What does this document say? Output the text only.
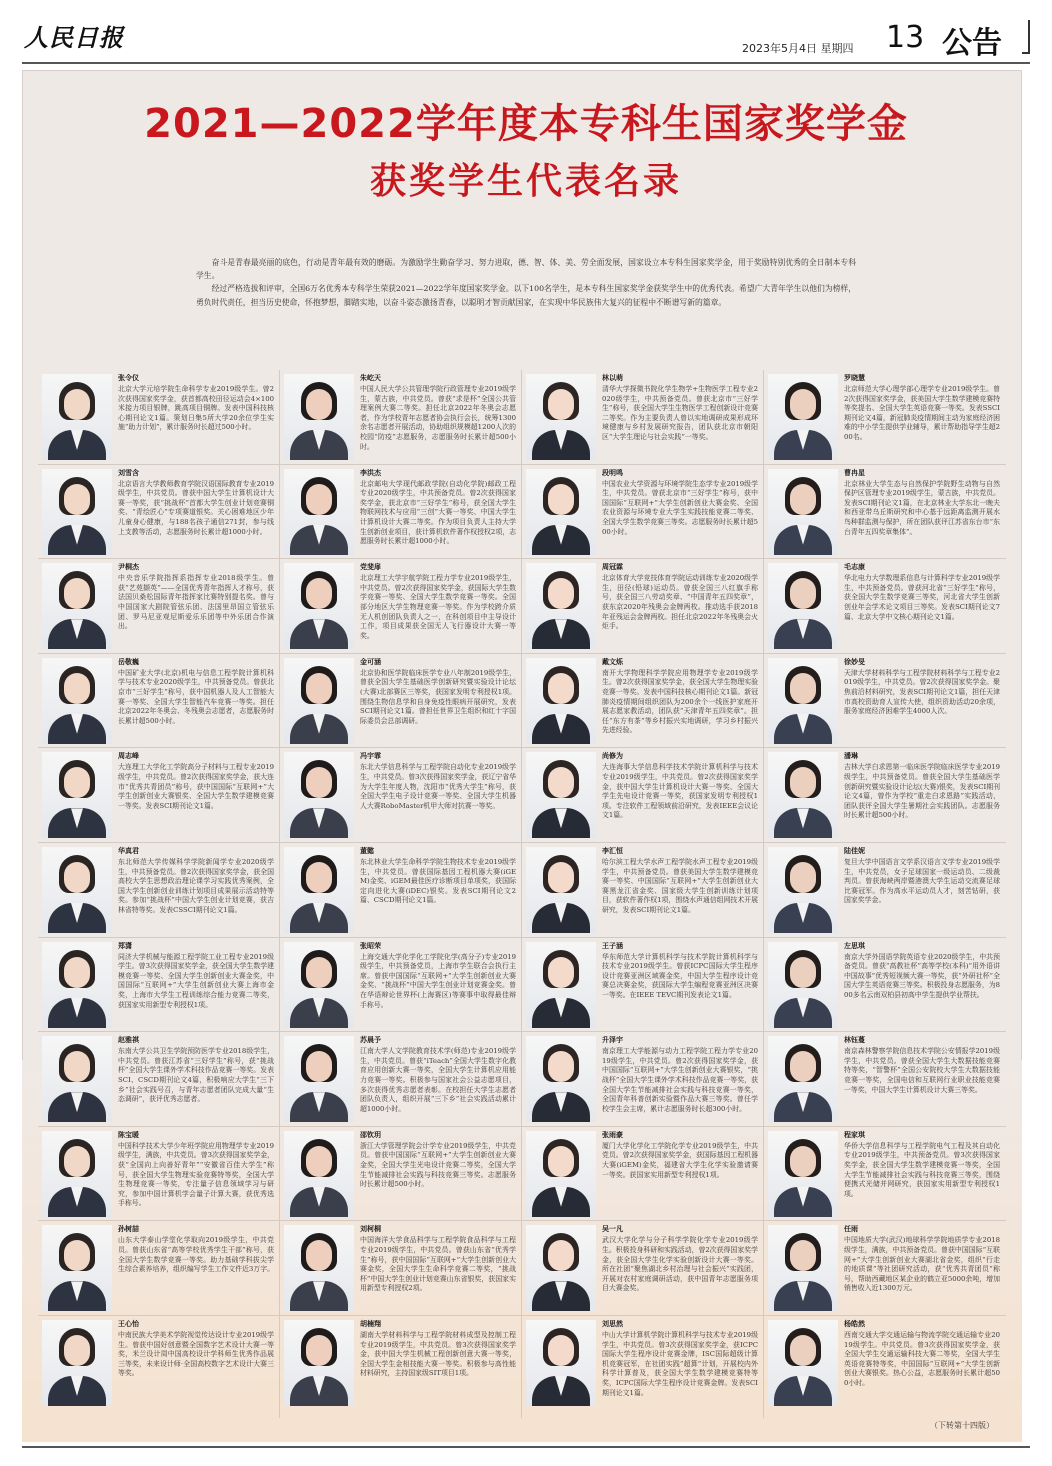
人民日报	2023年5月4日 星期四 13 公告
2021—2022学年度本专科生国家奖学金
获奖学生代表名录

奋斗是青春最亮丽的底色，行动是青年最有效的磨砺。为激励学生勤奋学习、努力进取，德、智、体、美、劳全面发展，国家设立本专科生国家奖学金，用于奖励特别优秀的全日制本专科学生。

经过严格选拔和评审，全国6万名优秀本专科学生荣获2021—2022学年度国家奖学金。以下100名学生，是本专科生国家奖学金获奖学生中的优秀代表。希望广大青年学生以他们为榜样，勇负时代责任，担当历史使命，怀抱梦想，脚踏实地，以奋斗姿态激扬青春，以聪明才智贡献国家，在实现中华民族伟大复兴的征程中不断谱写新的篇章。

张令仪
北京大学元培学院生命科学专业2019级学生。曾2次获得国家奖学金，获首都高校田径运动会4×100米接力项目银牌，跳高项目铜牌。发表中国科技核心期刊论文1篇。策划日集5所大学20余位学生实施“助力计划”，累计服务时长超过500小时。
朱屹天
中国人民大学公共管理学院行政管理专业2019级学生，蒙古族，中共党员。曾获“求是杯”全国公共管理案例大赛二等奖。担任北京2022年冬奥会志愿者，作为学校青年志愿者协会执行会长，统筹1300余名志愿者开展活动，协助组织规模超1200人次的校园“防疫”志愿服务，志愿服务时长累计超500小时。
林以萌
清华大学探微书院化学生物学+生物医学工程专业2020级学生，中共预备党员。曾获北京市“三好学生”称号，获全国大学生生物医学工程创新设计竞赛二等奖。作为主要负责人曾以实地调研成果形成环境健康与乡村发展研究报告，团队获北京市朝阳区“大学生理论与社会实践”一等奖。
罗晓慧
北京师范大学心理学部心理学专业2019级学生。曾2次获得国家奖学金，获美国大学生数学建模竞赛特等奖提名、全国大学生英语竞赛一等奖。发表SSCI期刊论文4篇，新冠肺炎疫情期间主动为家庭经济困难的中小学生提供学业辅导，累计帮助指导学生超200名。
刘雪含
北京语言大学教师教育学院汉语国际教育专业2019级学生，中共党员。曾获中国大学生计算机设计大赛一等奖，获“挑战杯”首都大学生创业计划竞赛铜奖、“青绘匠心”专项赛道银奖。关心困难地区少年儿童身心健康，与188名孩子通信271封，参与线上支教等活动，志愿服务时长累计超1000小时。
李洪杰
北京邮电大学现代邮政学院(自动化学院)邮政工程专业2020级学生，中共预备党员。曾2次获得国家奖学金，获北京市“三好学生”称号，获全国大学生物联网技术与应用“三创”大赛一等奖、中国大学生计算机设计大赛二等奖。作为项目负责人主持大学生创新创业项目，获计算机软件著作权授权2项，志愿服务时长累计超1000小时。
段明鸣
中国农业大学资源与环境学院生态学专业2019级学生，中共党员。曾获北京市“三好学生”称号，获中国国际“互联网+”大学生创新创业大赛金奖、全国农业资源与环境专业大学生实践技能竞赛二等奖、全国大学生数学竞赛三等奖。志愿服务时长累计超500小时。
曹冉星
北京林业大学生态与自然保护学院野生动物与自然保护区管理专业2019级学生，蒙古族，中共党员。发表SCI期刊论文1篇，在北京林业大学东北一晚夫和西亚带乌丘斯研究和中心基于远距离监测开展水鸟种群监测与保护，所在团队获评江苏省东台市“东台青年五四奖章集体”。
尹桐杰
中央音乐学院指挥系指挥专业2018级学生。曾获“艺苑撷英”——全国优秀青年指挥人才称号，获法国贝桑松国际青年指挥家比赛特别提名奖。曾与中国国家大剧院管弦乐团、法国里昂国立管弦乐团、罗马尼亚观尼斯爱乐乐团等中外乐团合作演出。
党斐扉
北京理工大学宇航学院工程力学专业2019级学生，中共党员。曾2次获得国家奖学金，获国际大学生数学竞赛一等奖、全国大学生数学竞赛一等奖。全国部分地区大学生物理竞赛一等奖。作为学校跨介质无人机创团队负责人之一，在科创项目中主导设计工作，项目成果获全国无人飞行器设计大赛一等奖。
周冠霖
北京体育大学竞技体育学院运动训练专业2020级学生，田径(铅球)运动员。曾获全国三八红旗手称号，获全国三八劳动奖章、“中国青年五四奖章”，获东京2020年残奥会金牌两枚。推动选手获2018年亚残运会金牌两枚。担任北京2022年冬残奥会火炬手。
毛志康
华北电力大学数理系信息与计算科学专业2019级学生，中共预备党员。曾获河北省“三好学生”称号，获全国大学生数学竞赛三等奖，河北省大学生创新创业年会学术论文项目三等奖。发表SCI期刊论文7篇、北京大学中文核心期刊论文1篇。
岳敬巍
中国矿业大学(北京)机电与信息工程学院计算机科学与技术专业2020级学生，中共预备党员。曾获北京市“三好学生”称号，获中国机器人及人工智能大赛一等奖、全国大学生智能汽车竞赛一等奖。担任北京2022年冬奥会、冬残奥会志愿者，志愿服务时长累计超500小时。
金可涵
北京协和医学院临床医学专业八年制2019级学生，曾获全国大学生基础医学创新研究暨实验设计论坛(大赛)北部赛区三等奖，获国家发明专利授权1项。围绕生物信息学和自身免疫性眼病开展研究，发表SCI期刊论文1篇。曾担任世界卫生组织和红十字国际委员会总部调研。
戴文烁
南开大学物理科学学院应用物理学专业2019级学生。曾2次获得国家奖学金，获全国大学生物理实验竞赛一等奖。发表中国科技核心期刊论文1篇。新冠肺炎疫情期间组织团队为200余个一线医护家庭开展志愿家教活动，团队获“天津青年五四奖章”。担任“东方有茶”等乡村振兴实地调研，学习乡村振兴先进经验。
徐妙旻
天津大学材料科学与工程学院材料科学与工程专业2019级学生，中共党员。曾2次获得国家奖学金。聚焦前沿材料研究，发表SCI期刊论文1篇，担任天津市高校资助育人宣传大使，组织资助活动20余项，服务家庭经济困难学生4000人次。
周志峰
大连理工大学化工学院高分子材料与工程专业2019级学生，中共党员。曾2次获得国家奖学金，获大连市“优秀共青团员”称号，获中国国际“互联网+”大学生创新创业大赛银奖、全国大学生数学建模竞赛一等奖。发表SCI期刊论文1篇。
冯宇霏
东北大学信息科学与工程学院自动化专业2019级学生，中共党员。曾3次获得国家奖学金，获辽宁省华为大学生年度人物，沈阳市“优秀大学生”称号，获全国大学生电子设计竞赛一等奖、全国大学生机器人大赛RoboMaster机甲大师对抗赛一等奖。
尚修为
大连海事大学信息科学技术学院计算机科学与技术专业2019级学生，中共党员。曾2次获得国家奖学金，获中国大学生计算机设计大赛一等奖、全国大学生先电设计竞赛一等奖，获国家发明专利授权1项。专注软件工程领域前沿研究，发表IEEE会议论文1篇。
潘琳
吉林大学白求恩第一临床医学院临床医学专业2019级学生，中共预备党员。曾获全国大学生基础医学创新研究暨实验设计论坛(大赛)银奖，发表SCI期刊论文4篇，曾作为学校“重走白求恩路”实践活动，团队获评全国大学生暑期社会实践团队。志愿服务时长累计超500小时。
华真君
东北师范大学传媒科学学院新闻学专业2020级学生，中共预备党员。曾2次获得国家奖学金，获全国高校大学生思想政治理论课学习实践优秀案例，全国大学生创新创业训练计划项目成果展示活动特等奖。参加“挑战杯”中国大学生创业计划竞赛，获吉林省特等奖。发表CSSCI期刊论文1篇。
董懿
东北林业大学生命科学学院生物技术专业2019级学生，中共党员。曾获国际基因工程机器大赛(iGEM)金奖、iGEM最佳医疗诊断项目单项奖，获国际定向进化大赛(iDEC)银奖。发表SCI期刊论文2篇、CSCD期刊论文1篇。
李汇恒
哈尔滨工程大学水声工程学院水声工程专业2019级学生，中共预备党员。曾获美国大学生数学建模竞赛一等奖、中国国际“互联网+”大学生创新创业大赛黑龙江省金奖、国家级大学生创新训练计划项目，获软件著作权1项，围绕水声通信组网技术开展研究，发表SCI期刊论文1篇。
陆佳妮
复旦大学中国语言文学系汉语言文学专业2019级学生，中共党员，女子足球国家一级运动员、二级裁判员。曾获海峡两岸暨港澳大学生运动交流赛足球比赛冠军。作为高水平运动员人才，刻苦钻研，获国家奖学金。
郑潇
同济大学机械与能源工程学院工业工程专业2019级学生。曾3次获得国家奖学金，获全国大学生数学建模竞赛一等奖、全国大学生创新创业大赛金奖，中国国际“互联网+”大学生创新创业大赛上海市金奖，上海市大学生工程训练综合能力竞赛二等奖，获国家实用新型专利授权1项。
张昭荣
上海交通大学化学化工学院化学(高分子)专业2019级学生，中共预备党员，上海市学生联合会执行主席。曾获中国国际“互联网+”大学生创新创业大赛金奖、“挑战杯”中国大学生创业计划竞赛金奖。曾在华语辩论世界杯(上海赛区)等赛事中取得最佳辩手称号。
王子涵
华东师范大学计算机科学与技术学院计算机科学与技术专业2019级学生。曾获ICPC国际大学生程序设计竞赛亚洲区域赛金奖，中国大学生程序设计竞赛总决赛金奖，获国际大学生编程竞赛亚洲区决赛一等奖。在IEEE TEVC期刊发表论文1篇。
左思琪
南京大学外国语学院英语专业2020级学生，中共预备党员。曾获“高教社杯”高等学校(本科)“用外语讲中国故事”优秀短视频大赛一等奖，获“外研社杯”全国大学生英语竞赛三等奖。积极投身志愿服务，为800多名云南双柏县初高中学生提供学业帮扶。
赵雅祺
东南大学公共卫生学院预防医学专业2018级学生，中共党员。曾获江苏省“三好学生”称号，获“挑战杯”全国大学生课外学术科技作品竞赛一等奖。发表SCI、CSCD期刊论文4篇，积极响应大学生“三下乡”社会实践号召，与青年志愿者团队完成大量“生态调研”，获评优秀志愿者。
苏晨予
江南大学人文学院教育技术学(师范)专业2019级学生，中共党员。曾获“iTeach”全国大学生数字化教育应用创新大赛一等奖，全国大学生计算机应用能力竞赛一等奖。积极参与国家社会公益志愿项目，多次获得优秀志愿者表彰。在校担任大学生志愿者团队负责人，组织开展“三下乡”社会实践活动累计超1000小时。
升泽宇
南京理工大学能源与动力工程学院工程力学专业2019级学生，中共党员。曾2次获得国家奖学金，获中国国际“互联网+”大学生创新创业大赛银奖，“挑战杯”全国大学生课外学术科技作品竞赛一等奖，获全国大学生节能减排社会实践与科技竞赛一等奖，全国青年科普创新实验暨作品大赛三等奖。曾任学校学生会主席，累计志愿服务时长超300小时。
林钰蔓
南京森林警察学院信息技术学院公安情报学2019级学生，中共党员。曾获全国大学生大数据技能竞赛特等奖，“智警杯”全国公安院校大学生大数据技能竞赛一等奖，全国电信和互联网行业职业技能竞赛一等奖，中国大学生计算机设计大赛三等奖。
陈宝暖
中国科学技术大学少年班学院应用物理学专业2019级学生，满族，中共党员。曾3次获得国家奖学金，获“全国向上向善好青年”“安徽省百佳大学生”称号，获全国大学生物理实验竞赛特等奖，全国大学生物理竞赛一等奖，专注量子信息领域学习与研究，参加中国计算机学会量子计算大赛，获优秀选手称号。
邵钦玥
浙江大学管理学院会计学专业2019级学生，中共党员。曾获中国国际“互联网+”大学生创新创业大赛金奖，全国大学生光电设计竞赛二等奖，全国大学生节能减排社会实践与科技竞赛三等奖。志愿服务时长累计超500小时。
张雨豪
厦门大学化学化工学院化学专业2019级学生，中共党员。曾2次获得国家奖学金，获国际基因工程机器大赛(iGEM)金奖，福建省大学生化学实验邀请赛一等奖。获国家实用新型专利授权1项。
程家琪
华侨大学信息科学与工程学院电气工程及其自动化专业2019级学生，中共预备党员。曾3次获得国家奖学金，获全国大学生数学建模竞赛一等奖，全国大学生节能减排社会实践与科技竞赛三等奖，围绕便携式光储并网研究，获国家实用新型专利授权1项。
孙树喆
山东大学泰山学堂化学取向2019级学生，中共党员。曾获山东省“高等学校优秀学生干部”称号，获全国大学生数学竞赛一等奖。助力基础学科拔尖学生综合素养培养，组织编写学生工作文件近3万字。
刘柯桐
中国海洋大学食品科学与工程学院食品科学与工程专业2019级学生，中共党员。曾获山东省“优秀学生”称号，获中国国际“互联网+”大学生创新创业大赛金奖，全国大学生生命科学竞赛二等奖，“挑战杯”中国大学生创业计划竞赛山东省银奖，获国家实用新型专利授权2项。
吴一凡
武汉大学化学与分子科学学院化学专业2019级学生。积极投身科研和实践活动，曾2次获得国家奖学金，获全国大学生化学实验创新设计大赛一等奖。所在社团“聚焦湖北乡村治理与社会振兴”实践团，开展对农村家庭调研活动，获中国青年志愿服务项目大赛金奖。
任雨
中国地质大学(武汉)地球科学学院地质学专业2018级学生，满族，中共预备党员。曾获中国国际“互联网+”大学生创新创业大赛湖北省金奖，组织“行走的地质课”等社团研究活动，获“优秀共青团员”称号，帮助西藏地区某企业的鹤立亚5000余吨，增加销售收入近1300万元。
王心怡
中南民族大学美术学院视觉传达设计专业2019级学生。曾获中国好创意暨全国数字艺术设计大赛一等奖，米兰设计周中国高校设计学科师生优秀作品展三等奖，未来设计师·全国高校数字艺术设计大赛三等奖。
胡楠翔
湖南大学材料科学与工程学院材料成型及控制工程专业2019级学生，中共党员。曾3次获得国家奖学金，获中国大学生机械工程创新创意大赛一等奖，全国大学生金相技能大赛一等奖。积极参与高性能材料研究，主持国家级SIT项目1项。
刘思然
中山大学计算机学院计算机科学与技术专业2019级学生，中共党员。曾3次获得国家奖学金，获ICPC国际大学生程序设计竞赛金牌，ISC国际超级计算机竞赛冠军，在社团实践“超算”计划，开展校内外科学计算普及，获全国大学生数学建模竞赛特等奖，ICPC国际大学生程序设计竞赛金牌。发表SCI期刊论文1篇。
杨皓然
西南交通大学交通运输与物流学院交通运输专业2019级学生。中共党员。曾3次获得国家奖学金，获全国大学生交通运输科技大赛二等奖，全国大学生英语竞赛特等奖，中国国际“互联网+”大学生创新创业大赛银奖。热心公益，志愿服务时长累计超500小时。
（下转第十四版）
